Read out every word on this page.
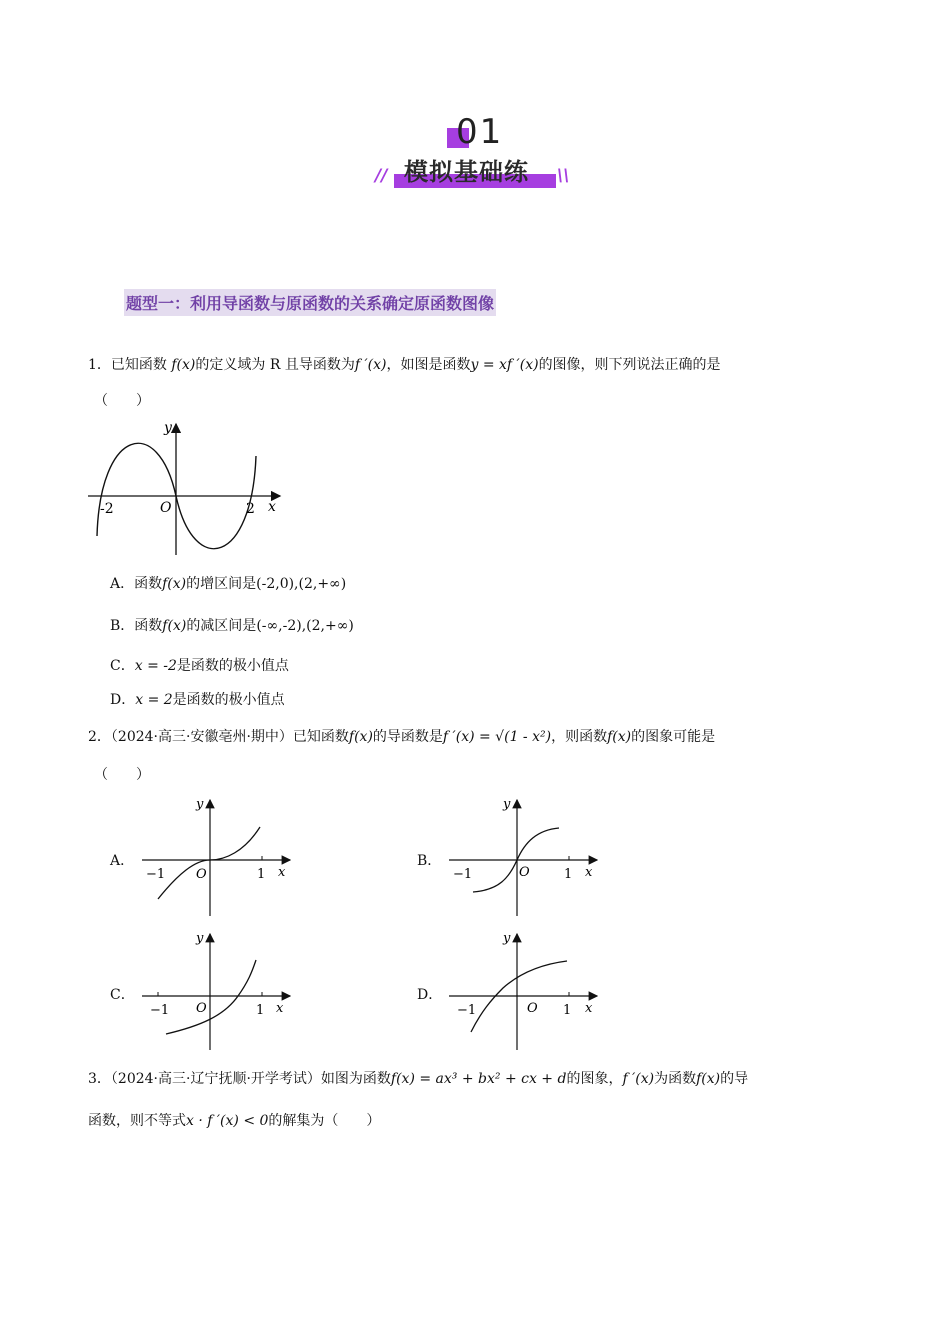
01
模拟基础练
//	\\
题型一：利用导函数与原函数的关系确定原函数图像
1．已知函数 f(x)的定义域为 R 且导函数为f ′(x)，如图是函数y = xf ′(x)的图像，则下列说法正确的是
（　　）
y
x
O
-2	2
A．函数f(x)的增区间是(-2,0),(2,+∞)
B．函数f(x)的减区间是(-∞,-2),(2,+∞)
C．x = -2是函数的极小值点
D．x = 2是函数的极小值点
2．（2024·高三·安徽亳州·期中）已知函数f(x)的导函数是f ′(x) = √(1 - x²)，则函数f(x)的图象可能是
（　　）
A．
y
x
O
−1	1
B．
y
x
O
−1	1
C．
y
x
O
−1	1
D．
y
x
O
−1	1
3．（2024·高三·辽宁抚顺·开学考试）如图为函数f(x) = ax³ + bx² + cx + d的图象，f ′(x)为函数f(x)的导
函数，则不等式x · f ′(x) < 0的解集为（　　）
